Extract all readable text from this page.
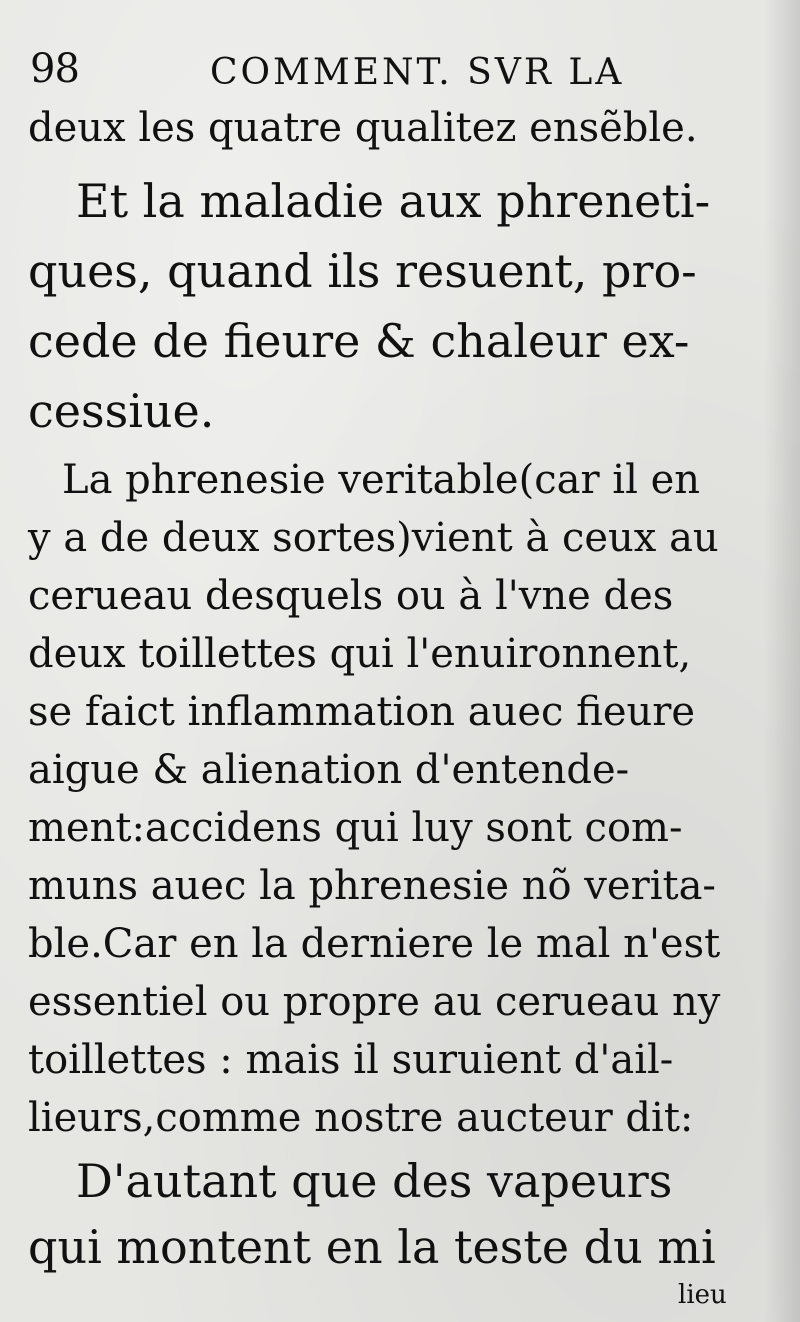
98	COMMENT. SVR LA
deux les quatre qualitez ensẽble.
Et la maladie aux phreneti-
ques, quand ils resuent, pro-
cede de fieure & chaleur ex-
cessiue.
La phrenesie veritable(car il en
y a de deux sortes)vient à ceux au
cerueau desquels ou à l'vne des
deux toillettes qui l'enuironnent,
se faict inflammation auec fieure
aigue & alienation d'entende-
ment:accidens qui luy sont com-
muns auec la phrenesie nõ verita-
ble.Car en la derniere le mal n'est
essentiel ou propre au cerueau ny
toillettes : mais il suruient d'ail-
lieurs,comme nostre aucteur dit:
D'autant que des vapeurs
qui montent en la teste du mi
lieu
